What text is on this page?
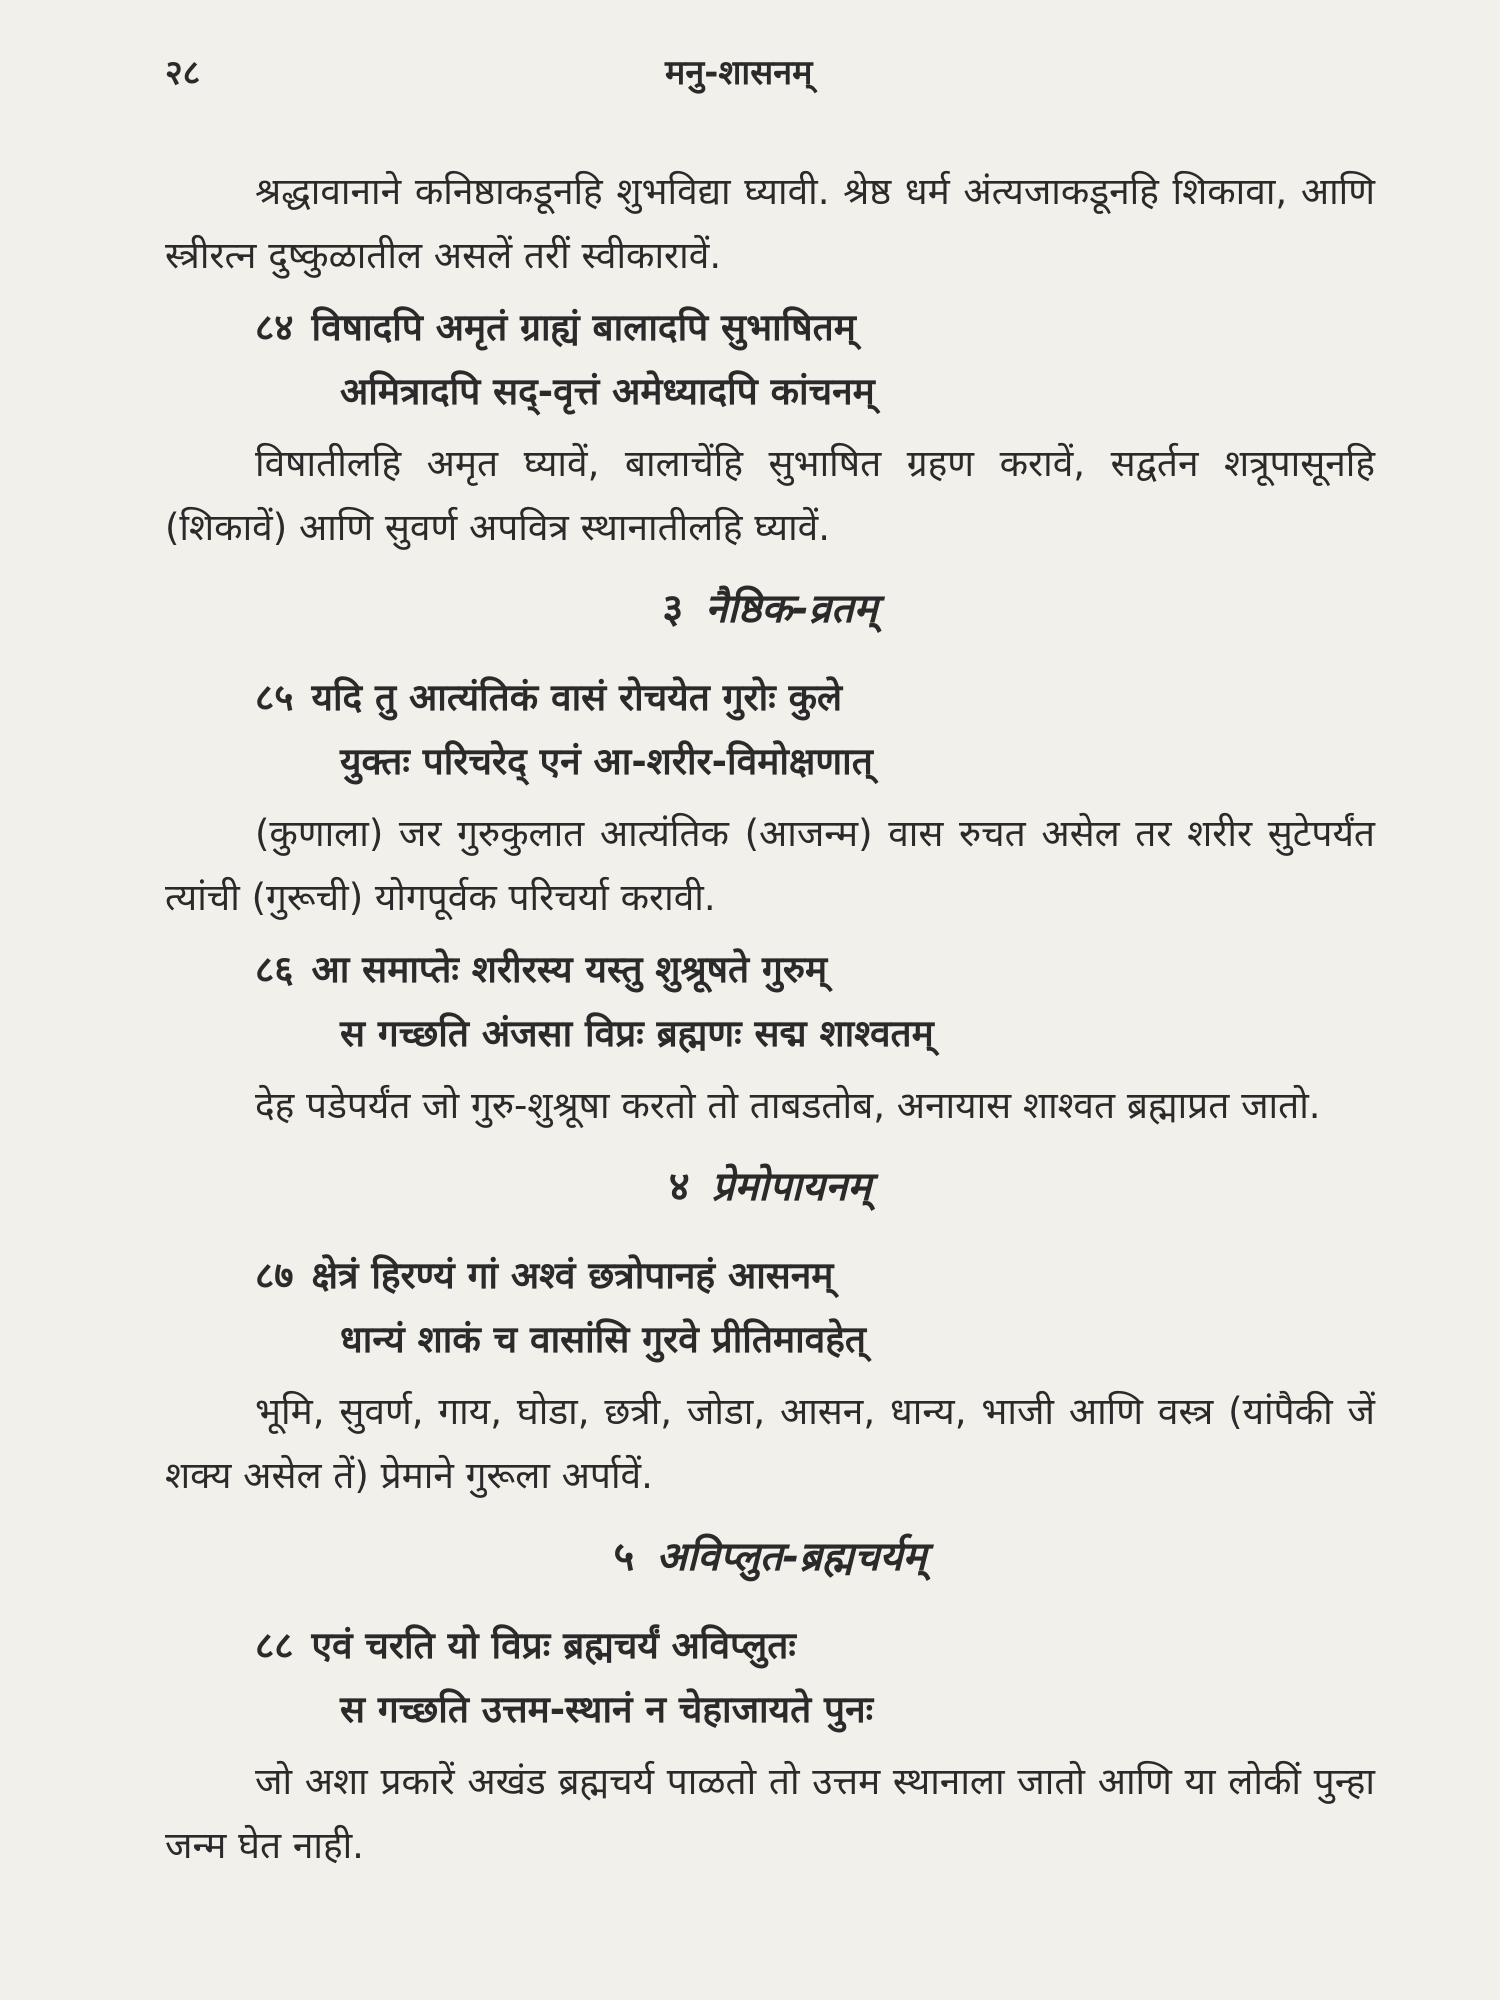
२८	मनु-शासनम्

श्रद्धावानाने कनिष्ठाकडूनहि शुभविद्या घ्यावी. श्रेष्ठ धर्म अंत्यजाकडूनहि शिकावा, आणि स्त्रीरत्न दुष्कुळातील असलें तरीं स्वीकारावें.

८४ विषादपि अमृतं ग्राह्यं बालादपि सुभाषितम्
अमित्रादपि सद्-वृत्तं अमेध्यादपि कांचनम्

विषातीलहि अमृत घ्यावें, बालाचेंहि सुभाषित ग्रहण करावें, सद्वर्तन शत्रूपासूनहि (शिकावें) आणि सुवर्ण अपवित्र स्थानातीलहि घ्यावें.

३ नैष्ठिक-व्रतम्
८५ यदि तु आत्यंतिकं वासं रोचयेत गुरोः कुले
युक्तः परिचरेद् एनं आ-शरीर-विमोक्षणात्

(कुणाला) जर गुरुकुलात आत्यंतिक (आजन्म) वास रुचत असेल तर शरीर सुटेपर्यंत त्यांची (गुरूची) योगपूर्वक परिचर्या करावी.

८६ आ समाप्तेः शरीरस्य यस्तु शुश्रूषते गुरुम्
स गच्छति अंजसा विप्रः ब्रह्मणः सद्म शाश्वतम्

देह पडेपर्यंत जो गुरु-शुश्रूषा करतो तो ताबडतोब, अनायास शाश्वत ब्रह्माप्रत जातो.

४ प्रेमोपायनम्
८७ क्षेत्रं हिरण्यं गां अश्वं छत्रोपानहं आसनम्
धान्यं शाकं च वासांसि गुरवे प्रीतिमावहेत्

भूमि, सुवर्ण, गाय, घोडा, छत्री, जोडा, आसन, धान्य, भाजी आणि वस्त्र (यांपैकी जें शक्य असेल तें) प्रेमाने गुरूला अर्पावें.

५ अविप्लुत-ब्रह्मचर्यम्
८८ एवं चरति यो विप्रः ब्रह्मचर्यं अविप्लुतः
स गच्छति उत्तम-स्थानं न चेहाजायते पुनः

जो अशा प्रकारें अखंड ब्रह्मचर्य पाळतो तो उत्तम स्थानाला जातो आणि या लोकीं पुन्हा जन्म घेत नाही.
